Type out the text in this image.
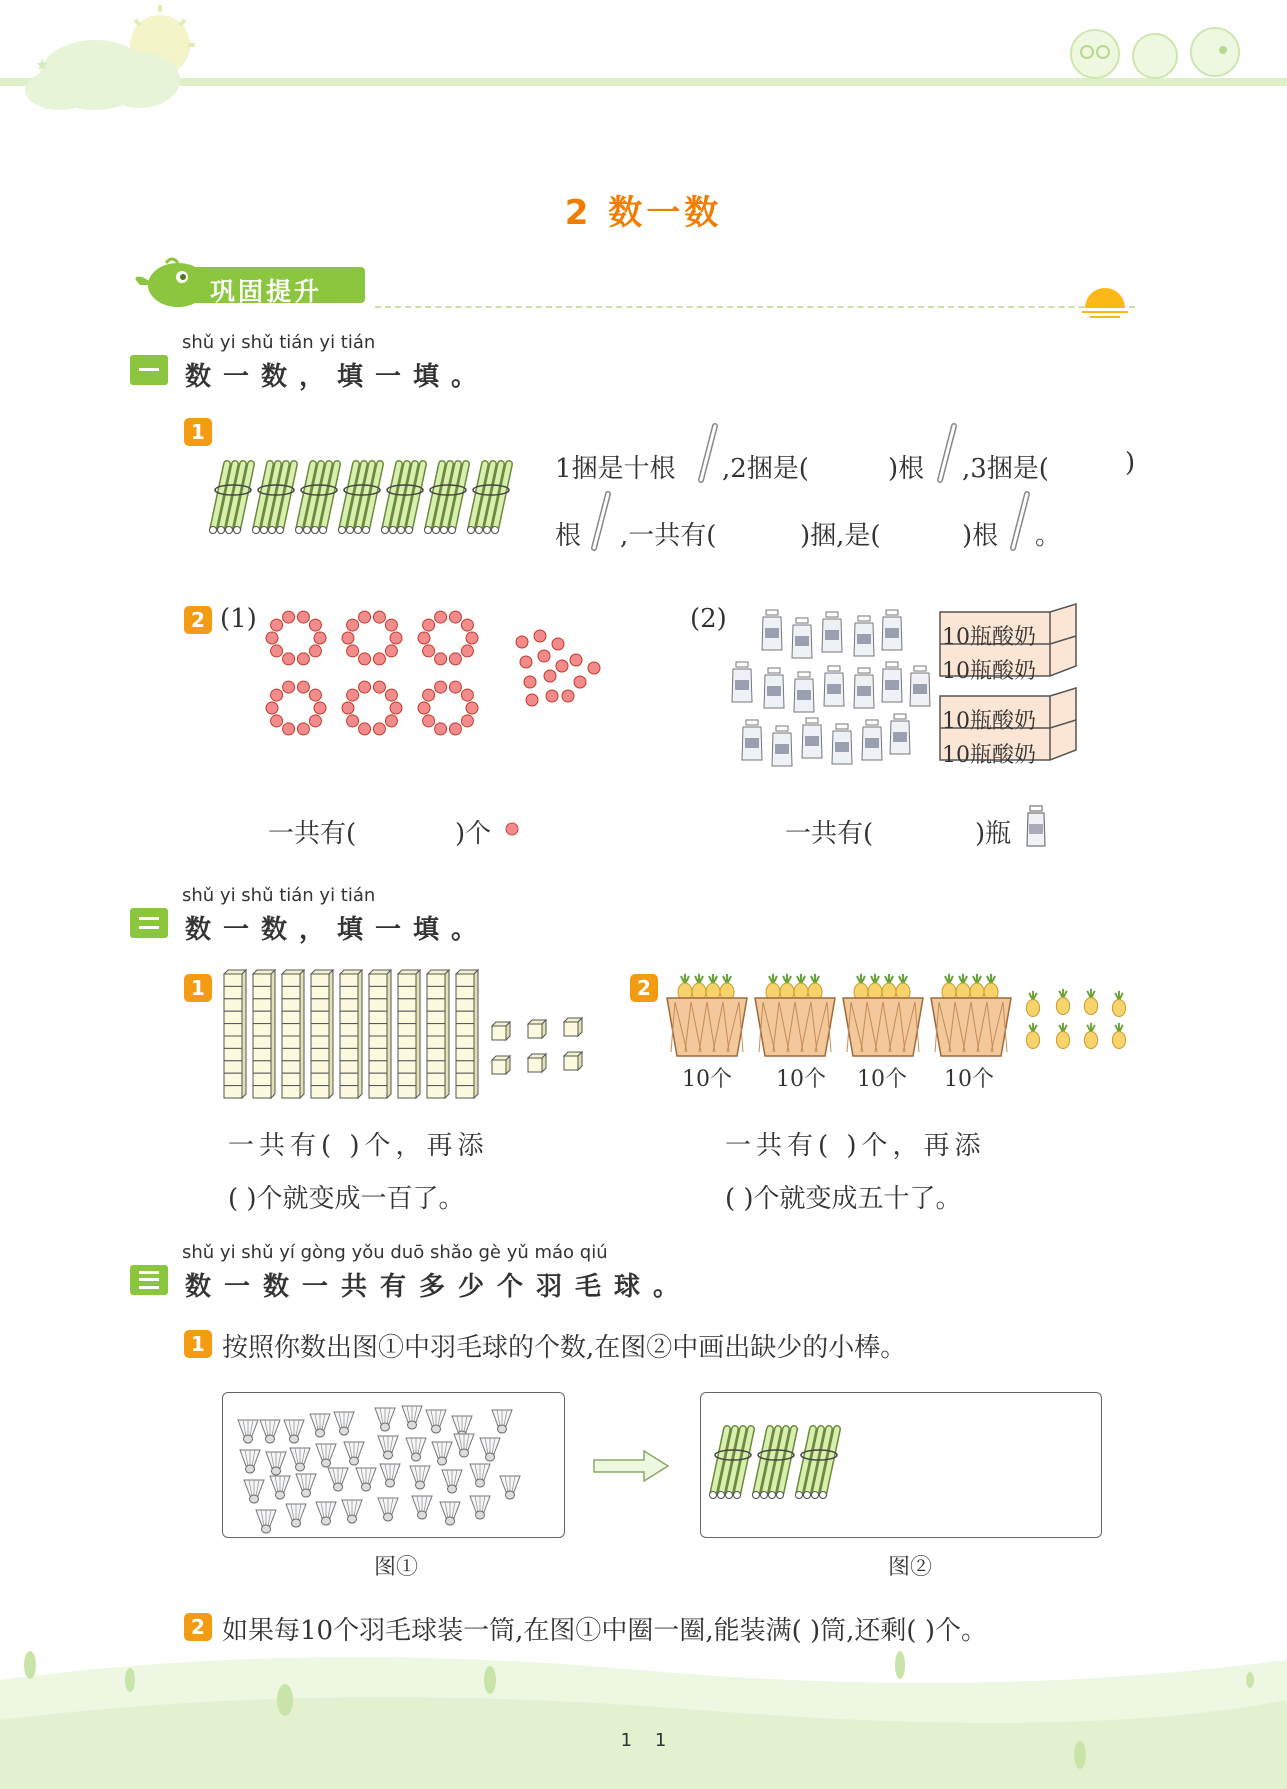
★
2 数一数
巩固提升
shǔ yi shǔ tián yi tián
数一数，填一填。
1
1捆是十根 ,2捆是(	)根 ,3捆是(	)
根 ,一共有(	)捆,是(	)根 。
2 (1)	(2)
10瓶酸奶
10瓶酸奶
10瓶酸奶
10瓶酸奶
一共有(	)个	一共有(	)瓶
shǔ yi shǔ tián yi tián
数一数，填一填。
1
一共有( )个，再添
( )个就变成一百了。
2
10个 10个 10个 10个
一共有( )个，再添
( )个就变成五十了。
shǔ yi shǔ yí gòng yǒu duō shǎo gè yǔ máo qiú
数一数一共有多少个羽毛球。
1 按照你数出图①中羽毛球的个数,在图②中画出缺少的小棒。
图①	图②
2 如果每10个羽毛球装一筒,在图①中圈一圈,能装满( )筒,还剩( )个。
1    1
